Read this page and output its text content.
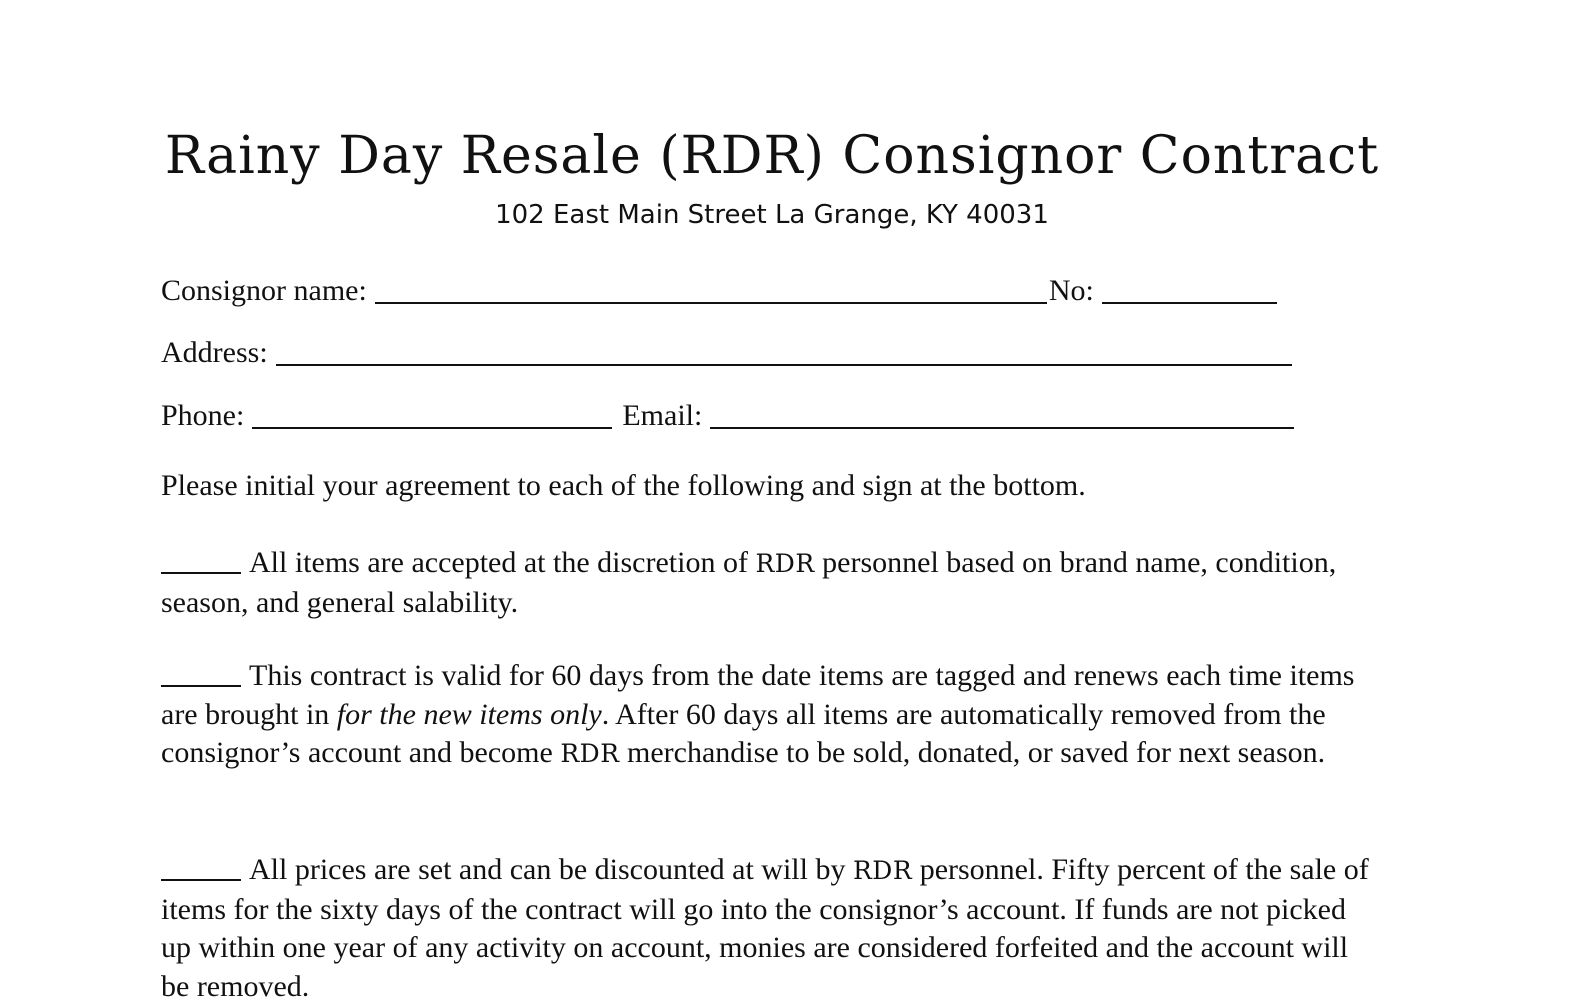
Rainy Day Resale (RDR) Consignor Contract
102 East Main Street La Grange, KY 40031
Consignor name:	No:
Address:
Phone:	Email:
Please initial your agreement to each of the following and sign at the bottom.
All items are accepted at the discretion of RDR personnel based on brand name, condition, season, and general salability.
This contract is valid for 60 days from the date items are tagged and renews each time items are brought in for the new items only. After 60 days all items are automatically removed from the consignor’s account and become RDR merchandise to be sold, donated, or saved for next season.
All prices are set and can be discounted at will by RDR personnel. Fifty percent of the sale of items for the sixty days of the contract will go into the consignor’s account. If funds are not picked up within one year of any activity on account, monies are considered forfeited and the account will be removed.
